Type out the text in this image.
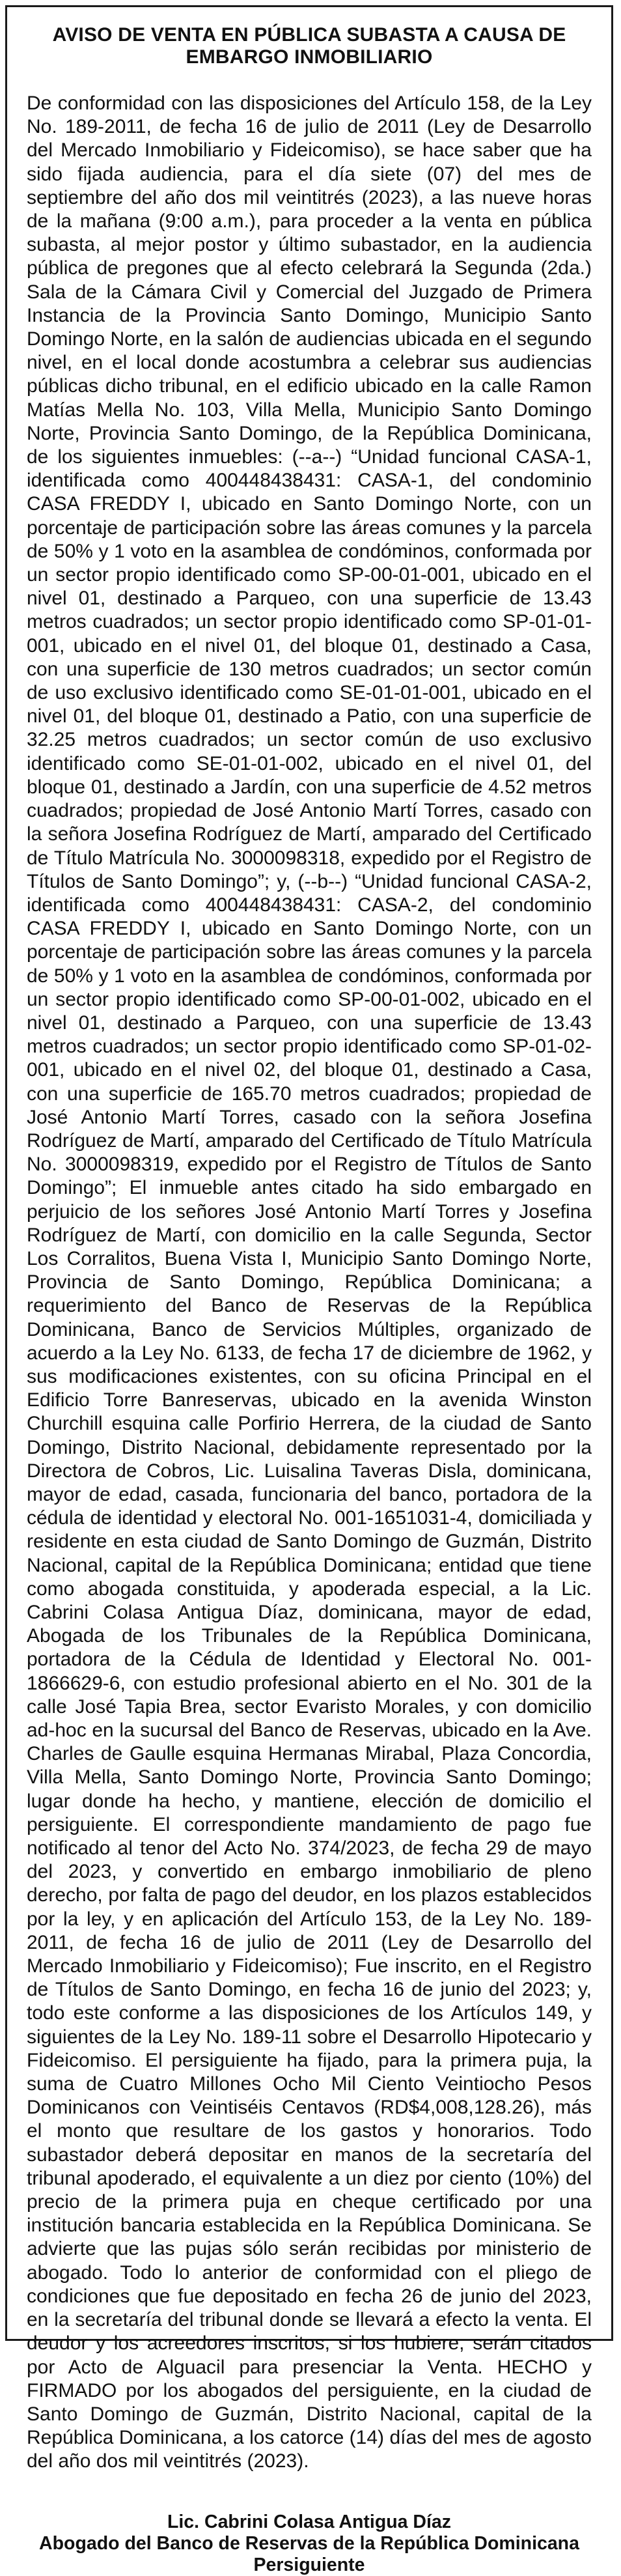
AVISO DE VENTA EN PÚBLICA SUBASTA A CAUSA DE
EMBARGO INMOBILIARIO
De conformidad con las disposiciones del Artículo 158, de la Ley No. 189-2011, de fecha 16 de julio de 2011 (Ley de Desarrollo del Mercado Inmobiliario y Fideicomiso), se hace saber que ha sido fijada audiencia, para el día siete (07) del mes de septiembre del año dos mil veintitrés (2023), a las nueve horas de la mañana (9:00 a.m.), para proceder a la venta en pública subasta, al mejor postor y último subastador, en la audiencia pública de pregones que al efecto celebrará la Segunda (2da.) Sala de la Cámara Civil y Comercial del Juzgado de Primera Instancia de la Provincia Santo Domingo, Municipio Santo Domingo Norte, en la salón de audiencias ubicada en el segundo nivel, en el local donde acostumbra a celebrar sus audiencias públicas dicho tribunal, en el edificio ubicado en la calle Ramon Matías Mella No. 103, Villa Mella, Municipio Santo Domingo Norte, Provincia Santo Domingo, de la República Dominicana, de los siguientes inmuebles: (--a--) “Unidad funcional CASA-1, identificada como 400448438431: CASA-1, del condominio CASA FREDDY I, ubicado en Santo Domingo Norte, con un porcentaje de participación sobre las áreas comunes y la parcela de 50% y 1 voto en la asamblea de condóminos, conformada por un sector propio identificado como SP-00-01-001, ubicado en el nivel 01, destinado a Parqueo, con una superficie de 13.43 metros cuadrados; un sector propio identificado como SP-01-01-001, ubicado en el nivel 01, del bloque 01, destinado a Casa, con una superficie de 130 metros cuadrados; un sector común de uso exclusivo identificado como SE-01-01-001, ubicado en el nivel 01, del bloque 01, destinado a Patio, con una superficie de 32.25 metros cuadrados; un sector común de uso exclusivo identificado como SE-01-01-002, ubicado en el nivel 01, del bloque 01, destinado a Jardín, con una superficie de 4.52 metros cuadrados; propiedad de José Antonio Martí Torres, casado con la señora Josefina Rodríguez de Martí, amparado del Certificado de Título Matrícula No. 3000098318, expedido por el Registro de Títulos de Santo Domingo”; y, (--b--) “Unidad funcional CASA-2, identificada como 400448438431: CASA-2, del condominio CASA FREDDY I, ubicado en Santo Domingo Norte, con un porcentaje de participación sobre las áreas comunes y la parcela de 50% y 1 voto en la asamblea de condóminos, conformada por un sector propio identificado como SP-00-01-002, ubicado en el nivel 01, destinado a Parqueo, con una superficie de 13.43 metros cuadrados; un sector propio identificado como SP-01-02-001, ubicado en el nivel 02, del bloque 01, destinado a Casa, con una superficie de 165.70 metros cuadrados; propiedad de José Antonio Martí Torres, casado con la señora Josefina Rodríguez de Martí, amparado del Certificado de Título Matrícula No. 3000098319, expedido por el Registro de Títulos de Santo Domingo”; El inmueble antes citado ha sido embargado en perjuicio de los señores José Antonio Martí Torres y Josefina Rodríguez de Martí, con domicilio en la calle Segunda, Sector Los Corralitos, Buena Vista I, Municipio Santo Domingo Norte, Provincia de Santo Domingo, República Dominicana; a requerimiento del Banco de Reservas de la República Dominicana, Banco de Servicios Múltiples, organizado de acuerdo a la Ley No. 6133, de fecha 17 de diciembre de 1962, y sus modificaciones existentes, con su oficina Principal en el Edificio Torre Banreservas, ubicado en la avenida Winston Churchill esquina calle Porfirio Herrera, de la ciudad de Santo Domingo, Distrito Nacional, debidamente representado por la Directora de Cobros, Lic. Luisalina Taveras Disla, dominicana, mayor de edad, casada, funcionaria del banco, portadora de la cédula de identidad y electoral No. 001-1651031-4, domiciliada y residente en esta ciudad de Santo Domingo de Guzmán, Distrito Nacional, capital de la República Dominicana; entidad que tiene como abogada constituida, y apoderada especial, a la Lic. Cabrini Colasa Antigua Díaz, dominicana, mayor de edad, Abogada de los Tribunales de la República Dominicana, portadora de la Cédula de Identidad y Electoral No. 001-1866629-6, con estudio profesional abierto en el No. 301 de la calle José Tapia Brea, sector Evaristo Morales, y con domicilio ad-hoc en la sucursal del Banco de Reservas, ubicado en la Ave. Charles de Gaulle esquina Hermanas Mirabal, Plaza Concordia, Villa Mella, Santo Domingo Norte, Provincia Santo Domingo; lugar donde ha hecho, y mantiene, elección de domicilio el persiguiente. El correspondiente mandamiento de pago fue notificado al tenor del Acto No. 374/2023, de fecha 29 de mayo del 2023, y convertido en embargo inmobiliario de pleno derecho, por falta de pago del deudor, en los plazos establecidos por la ley, y en aplicación del Artículo 153, de la Ley No. 189-2011, de fecha 16 de julio de 2011 (Ley de Desarrollo del Mercado Inmobiliario y Fideicomiso); Fue inscrito, en el Registro de Títulos de Santo Domingo, en fecha 16 de junio del 2023; y, todo este conforme a las disposiciones de los Artículos 149, y siguientes de la Ley No. 189-11 sobre el Desarrollo Hipotecario y Fideicomiso. El persiguiente ha fijado, para la primera puja, la suma de Cuatro Millones Ocho Mil Ciento Veintiocho Pesos Dominicanos con Veintiséis Centavos (RD$4,008,128.26), más el monto que resultare de los gastos y honorarios. Todo subastador deberá depositar en manos de la secretaría del tribunal apoderado, el equivalente a un diez por ciento (10%) del precio de la primera puja en cheque certificado por una institución bancaria establecida en la República Dominicana. Se advierte que las pujas sólo serán recibidas por ministerio de abogado. Todo lo anterior de conformidad con el pliego de condiciones que fue depositado en fecha 26 de junio del 2023, en la secretaría del tribunal donde se llevará a efecto la venta. El deudor y los acreedores inscritos, si los hubiere, serán citados por Acto de Alguacil para presenciar la Venta. HECHO y FIRMADO por los abogados del persiguiente, en la ciudad de Santo Domingo de Guzmán, Distrito Nacional, capital de la República Dominicana, a los catorce (14) días del mes de agosto del año dos mil veintitrés (2023).
Lic. Cabrini Colasa Antigua Díaz
Abogado del Banco de Reservas de la República Dominicana
Persiguiente
